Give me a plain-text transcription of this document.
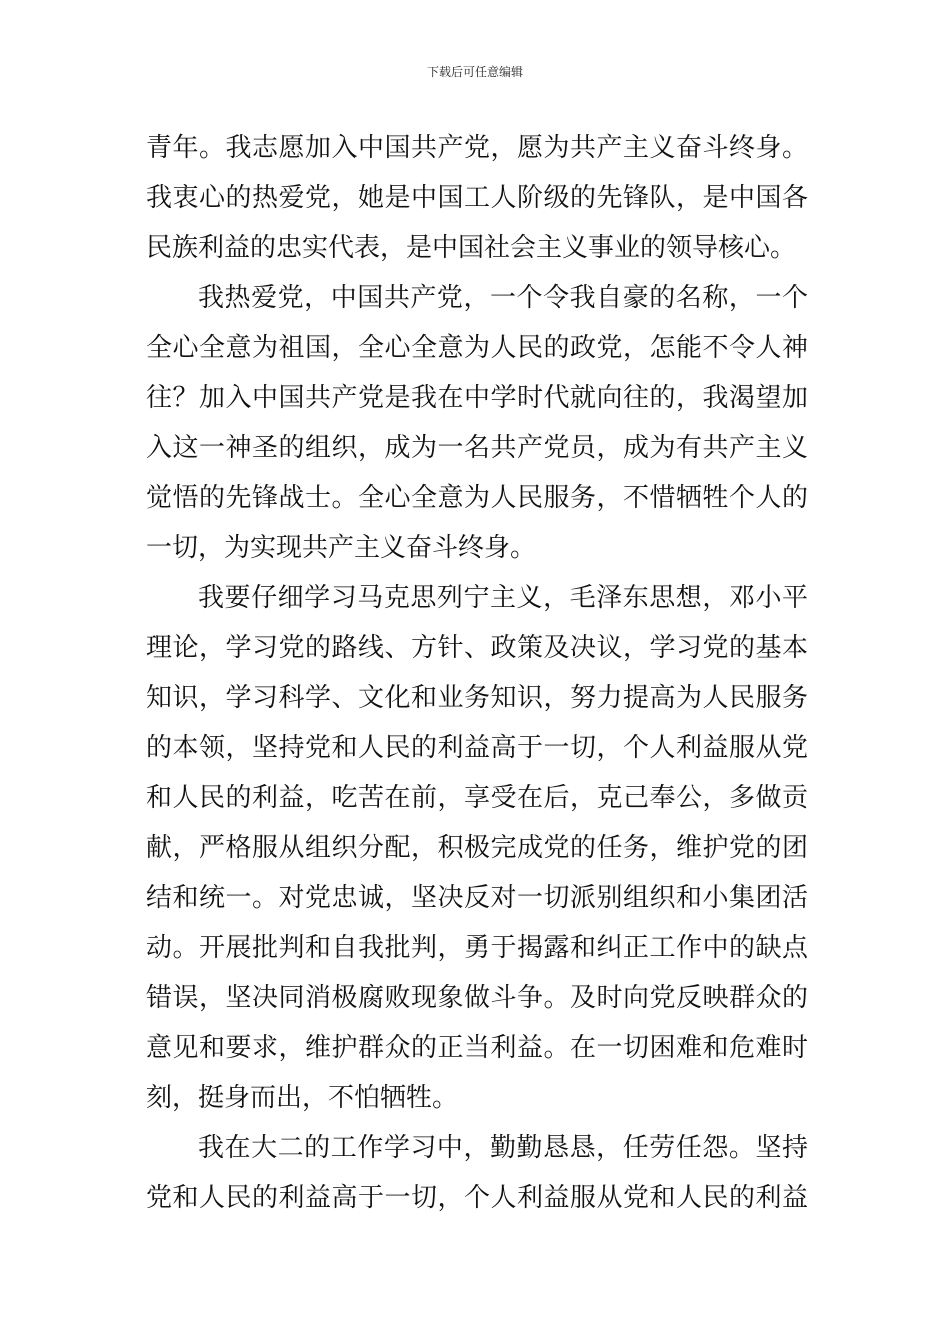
下载后可任意编辑
青年。我志愿加入中国共产党，愿为共产主义奋斗终身。
我衷心的热爱党，她是中国工人阶级的先锋队，是中国各
民族利益的忠实代表，是中国社会主义事业的领导核心。
我热爱党，中国共产党，一个令我自豪的名称，一个
全心全意为祖国，全心全意为人民的政党，怎能不令人神
往？加入中国共产党是我在中学时代就向往的，我渴望加
入这一神圣的组织，成为一名共产党员，成为有共产主义
觉悟的先锋战士。全心全意为人民服务，不惜牺牲个人的
一切，为实现共产主义奋斗终身。
我要仔细学习马克思列宁主义，毛泽东思想，邓小平
理论，学习党的路线、方针、政策及决议，学习党的基本
知识，学习科学、文化和业务知识，努力提高为人民服务
的本领，坚持党和人民的利益高于一切，个人利益服从党
和人民的利益，吃苦在前，享受在后，克己奉公，多做贡
献，严格服从组织分配，积极完成党的任务，维护党的团
结和统一。对党忠诚，坚决反对一切派别组织和小集团活
动。开展批判和自我批判，勇于揭露和纠正工作中的缺点
错误，坚决同消极腐败现象做斗争。及时向党反映群众的
意见和要求，维护群众的正当利益。在一切困难和危难时
刻，挺身而出，不怕牺牲。
我在大二的工作学习中，勤勤恳恳，任劳任怨。坚持
党和人民的利益高于一切，个人利益服从党和人民的利益
